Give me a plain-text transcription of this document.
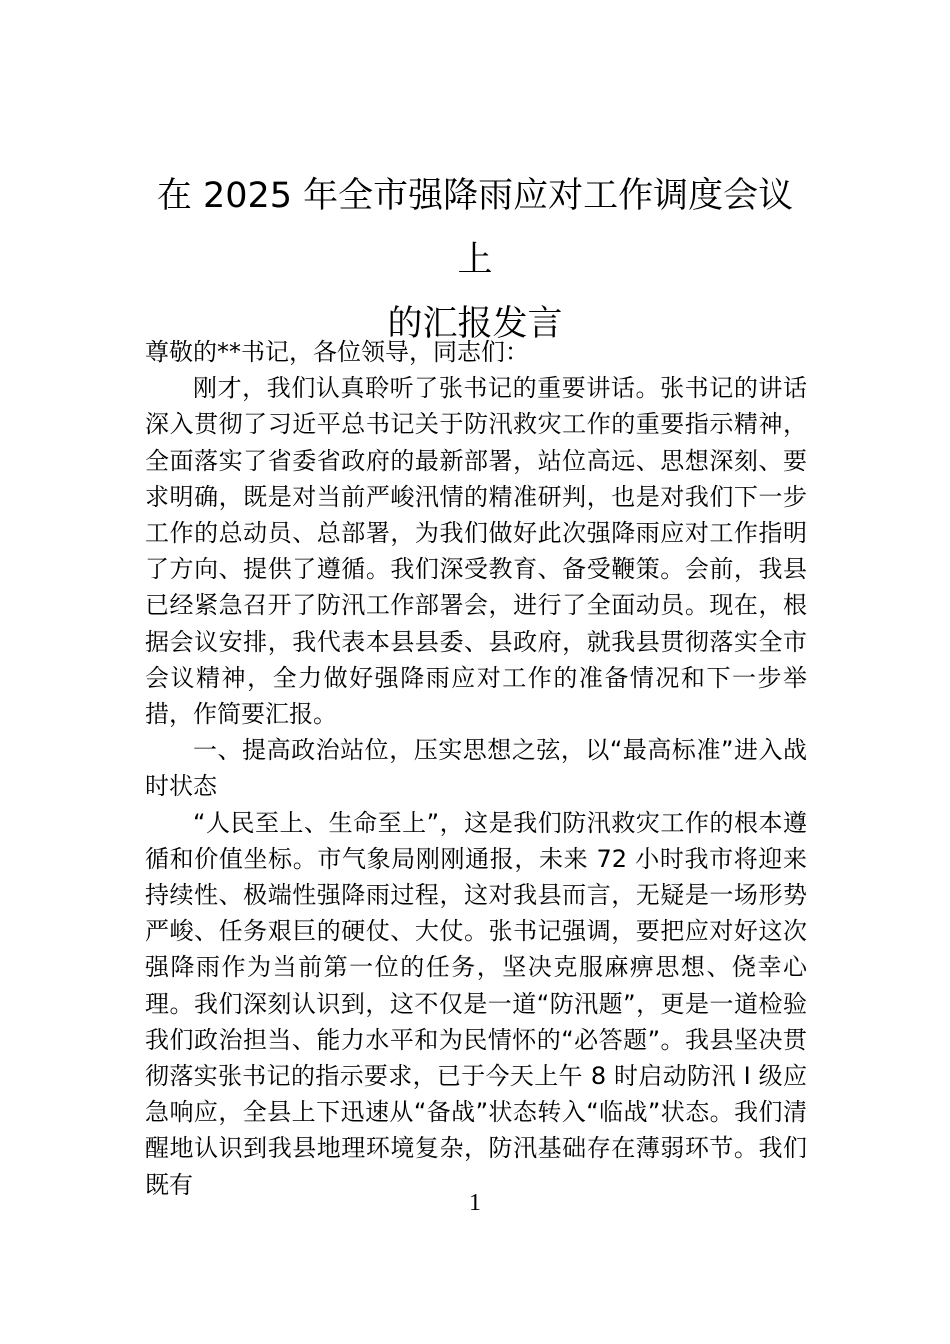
在 2025 年全市强降雨应对工作调度会议上
的汇报发言

尊敬的**书记，各位领导，同志们：

刚才，我们认真聆听了张书记的重要讲话。张书记的讲话深入贯彻了习近平总书记关于防汛救灾工作的重要指示精神，全面落实了省委省政府的最新部署，站位高远、思想深刻、要求明确，既是对当前严峻汛情的精准研判，也是对我们下一步工作的总动员、总部署，为我们做好此次强降雨应对工作指明了方向、提供了遵循。我们深受教育、备受鞭策。会前，我县已经紧急召开了防汛工作部署会，进行了全面动员。现在，根据会议安排，我代表本县县委、县政府，就我县贯彻落实全市会议精神，全力做好强降雨应对工作的准备情况和下一步举措，作简要汇报。

一、提高政治站位，压实思想之弦，以“最高标准”进入战时状态

“人民至上、生命至上”，这是我们防汛救灾工作的根本遵循和价值坐标。市气象局刚刚通报，未来 72 小时我市将迎来持续性、极端性强降雨过程，这对我县而言，无疑是一场形势严峻、任务艰巨的硬仗、大仗。张书记强调，要把应对好这次强降雨作为当前第一位的任务，坚决克服麻痹思想、侥幸心理。我们深刻认识到，这不仅是一道“防汛题”，更是一道检验我们政治担当、能力水平和为民情怀的“必答题”。我县坚决贯彻落实张书记的指示要求，已于今天上午 8 时启动防汛 I 级应急响应，全县上下迅速从“备战”状态转入“临战”状态。我们清醒地认识到我县地理环境复杂，防汛基础存在薄弱环节。我们既有

1
